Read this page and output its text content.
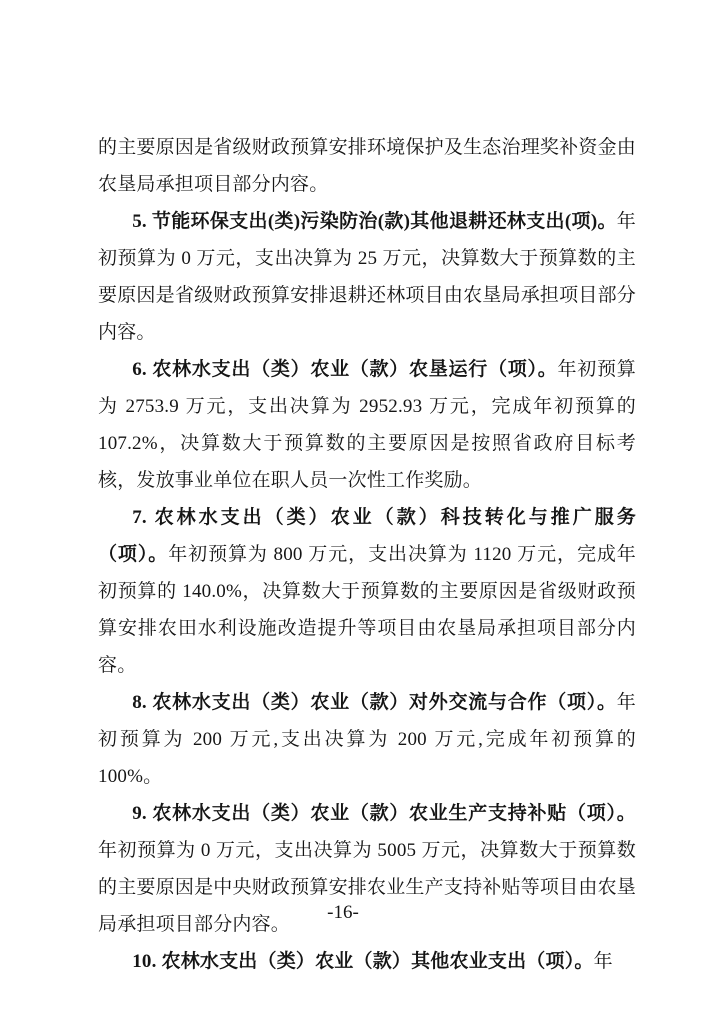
的主要原因是省级财政预算安排环境保护及生态治理奖补资金由农垦局承担项目部分内容。

5. 节能环保支出(类)污染防治(款)其他退耕还林支出(项)。年初预算为 0 万元，支出决算为 25 万元，决算数大于预算数的主要原因是省级财政预算安排退耕还林项目由农垦局承担项目部分内容。

6. 农林水支出（类）农业（款）农垦运行（项）。年初预算为 2753.9 万元，支出决算为 2952.93 万元，完成年初预算的 107.2%，决算数大于预算数的主要原因是按照省政府目标考核，发放事业单位在职人员一次性工作奖励。

7. 农林水支出（类）农业（款）科技转化与推广服务（项）。年初预算为 800 万元，支出决算为 1120 万元，完成年初预算的 140.0%，决算数大于预算数的主要原因是省级财政预算安排农田水利设施改造提升等项目由农垦局承担项目部分内容。

8. 农林水支出（类）农业（款）对外交流与合作（项）。年初预算为 200 万元,支出决算为 200 万元,完成年初预算的 100%。

9. 农林水支出（类）农业（款）农业生产支持补贴（项）。年初预算为 0 万元，支出决算为 5005 万元，决算数大于预算数的主要原因是中央财政预算安排农业生产支持补贴等项目由农垦局承担项目部分内容。

10. 农林水支出（类）农业（款）其他农业支出（项）。年

-16-
